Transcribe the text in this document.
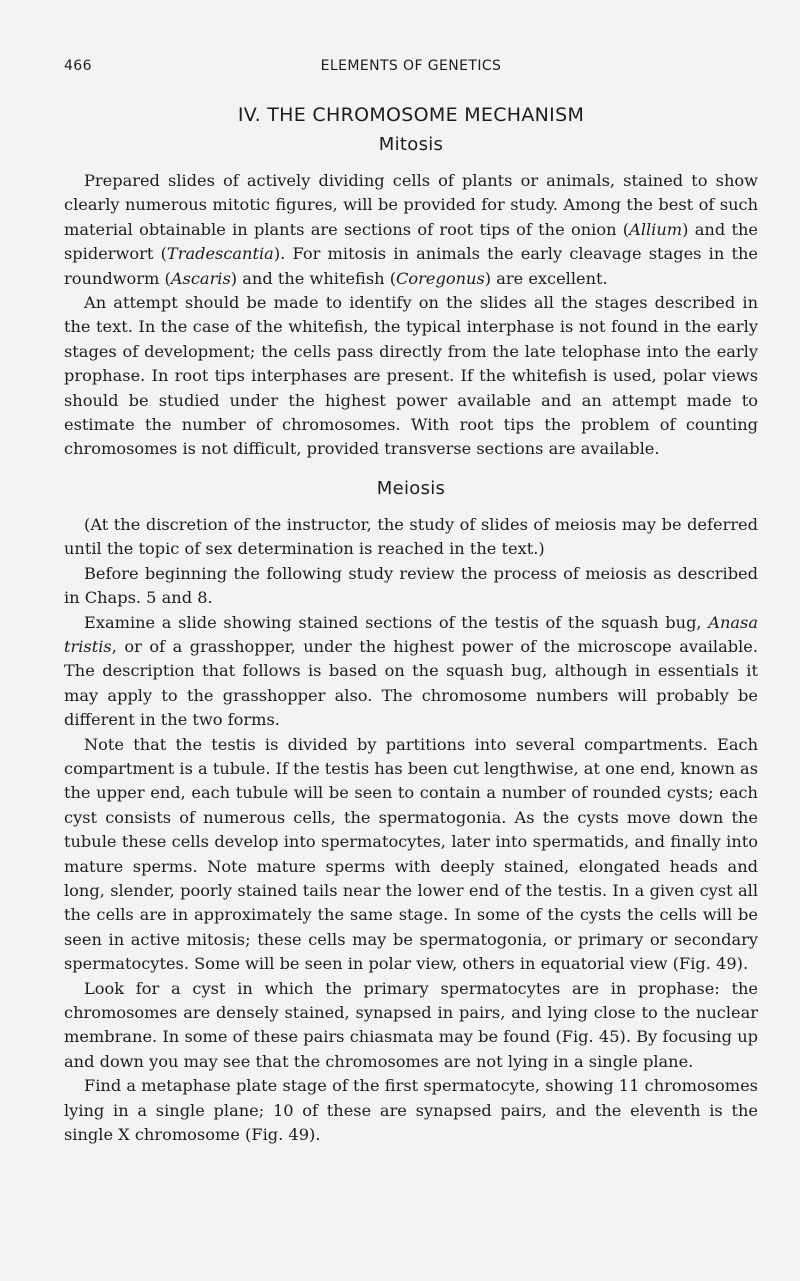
466	ELEMENTS OF GENETICS
IV. THE CHROMOSOME MECHANISM
Mitosis

Prepared slides of actively dividing cells of plants or animals, stained to show clearly numerous mitotic figures, will be provided for study. Among the best of such material obtainable in plants are sections of root tips of the onion (Allium) and the spiderwort (Tradescantia). For mitosis in animals the early cleavage stages in the roundworm (Ascaris) and the whitefish (Coregonus) are excellent.

An attempt should be made to identify on the slides all the stages described in the text. In the case of the whitefish, the typical interphase is not found in the early stages of development; the cells pass directly from the late telophase into the early prophase. In root tips interphases are present. If the whitefish is used, polar views should be studied under the highest power available and an attempt made to estimate the number of chromosomes. With root tips the problem of counting chromosomes is not difficult, provided transverse sections are available.

Meiosis

(At the discretion of the instructor, the study of slides of meiosis may be deferred until the topic of sex determination is reached in the text.)

Before beginning the following study review the process of meiosis as described in Chaps. 5 and 8.

Examine a slide showing stained sections of the testis of the squash bug, Anasa tristis, or of a grasshopper, under the highest power of the microscope available. The description that follows is based on the squash bug, although in essentials it may apply to the grasshopper also. The chromosome numbers will probably be different in the two forms.

Note that the testis is divided by partitions into several compartments. Each compartment is a tubule. If the testis has been cut lengthwise, at one end, known as the upper end, each tubule will be seen to contain a number of rounded cysts; each cyst consists of numerous cells, the spermatogonia. As the cysts move down the tubule these cells develop into spermatocytes, later into spermatids, and finally into mature sperms. Note mature sperms with deeply stained, elongated heads and long, slender, poorly stained tails near the lower end of the testis. In a given cyst all the cells are in approximately the same stage. In some of the cysts the cells will be seen in active mitosis; these cells may be spermatogonia, or primary or secondary spermatocytes. Some will be seen in polar view, others in equatorial view (Fig. 49).

Look for a cyst in which the primary spermatocytes are in prophase: the chromosomes are densely stained, synapsed in pairs, and lying close to the nuclear membrane. In some of these pairs chiasmata may be found (Fig. 45). By focusing up and down you may see that the chromosomes are not lying in a single plane.

Find a metaphase plate stage of the first spermatocyte, showing 11 chromosomes lying in a single plane; 10 of these are synapsed pairs, and the eleventh is the single X chromosome (Fig. 49).
